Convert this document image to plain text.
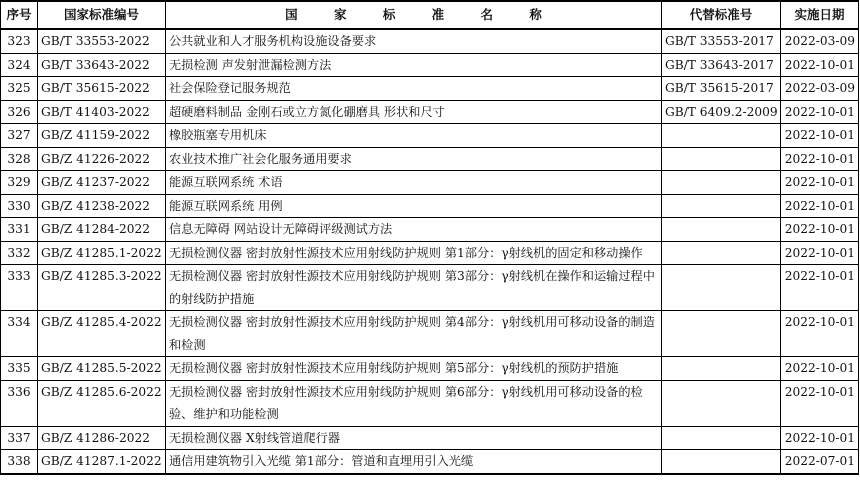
序号	国家标准编号	国 家 标 准 名 称	代替标准号	实施日期
323	GB/T 33553-2022	公共就业和人才服务机构设施设备要求	GB/T 33553-2017	2022-03-09
324	GB/T 33643-2022	无损检测 声发射泄漏检测方法	GB/T 33643-2017	2022-10-01
325	GB/T 35615-2022	社会保险登记服务规范	GB/T 35615-2017	2022-03-09
326	GB/T 41403-2022	超硬磨料制品 金刚石或立方氮化硼磨具 形状和尺寸	GB/T 6409.2-2009	2022-10-01
327	GB/Z 41159-2022	橡胶瓶塞专用机床		2022-10-01
328	GB/Z 41226-2022	农业技术推广社会化服务通用要求		2022-10-01
329	GB/Z 41237-2022	能源互联网系统 术语		2022-10-01
330	GB/Z 41238-2022	能源互联网系统 用例		2022-10-01
331	GB/Z 41284-2022	信息无障碍 网站设计无障碍评级测试方法		2022-10-01
332	GB/Z 41285.1-2022	无损检测仪器 密封放射性源技术应用射线防护规则 第1部分：γ射线机的固定和移动操作		2022-10-01
333	GB/Z 41285.3-2022	无损检测仪器 密封放射性源技术应用射线防护规则 第3部分：γ射线机在操作和运输过程中的射线防护措施		2022-10-01
334	GB/Z 41285.4-2022	无损检测仪器 密封放射性源技术应用射线防护规则 第4部分：γ射线机用可移动设备的制造和检测		2022-10-01
335	GB/Z 41285.5-2022	无损检测仪器 密封放射性源技术应用射线防护规则 第5部分：γ射线机的预防护措施		2022-10-01
336	GB/Z 41285.6-2022	无损检测仪器 密封放射性源技术应用射线防护规则 第6部分：γ射线机用可移动设备的检验、维护和功能检测		2022-10-01
337	GB/Z 41286-2022	无损检测仪器 X射线管道爬行器		2022-10-01
338	GB/Z 41287.1-2022	通信用建筑物引入光缆 第1部分：管道和直埋用引入光缆		2022-07-01
